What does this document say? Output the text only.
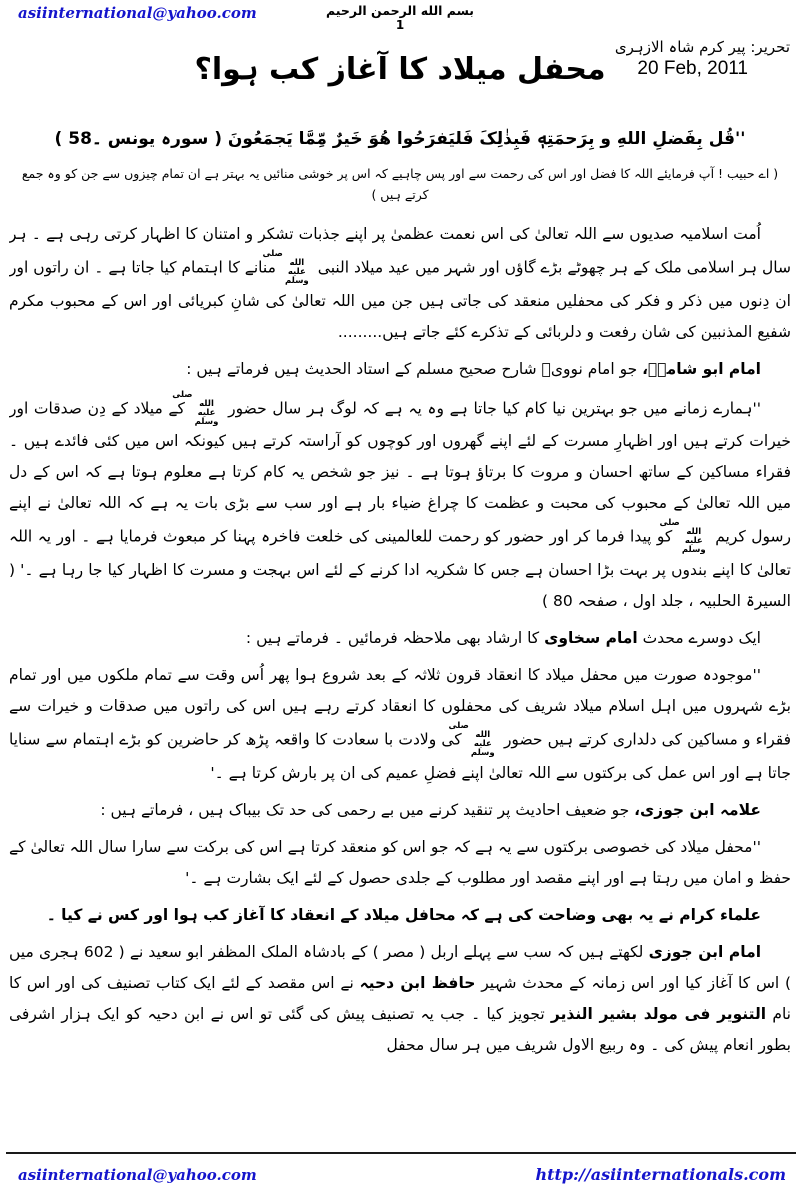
asiinternational@yahoo.com	بسم الله الرحمن الرحيم
1
محفل میلاد کا آغاز کب ہوا؟
تحریر: پیر کرم شاہ الازہری
20 Feb, 2011
''قُل بِفَضلِ اللهِ و بِرَحمَتِهٖ فَبِذٰلِکَ فَلیَفرَحُوا هُوَ خَیرٌ مِّمَّا یَجمَعُونَ ( سورہ یونس ۔58 )
( اے حبیب ! آپ فرمایئے اللہ کا فضل اور اس کی رحمت سے اور پس چاہیے کہ اس پر خوشی منائیں یہ بہتر ہے ان تمام چیزوں سے جن کو وہ جمع کرتے ہیں )

اُمت اسلامیہ صدیوں سے اللہ تعالیٰ کی اس نعمت عظمیٰ پر اپنے جذبات تشکر و امتنان کا اظہار کرتی رہی ہے ۔ ہر سال ہر اسلامی ملک کے ہر چھوٹے بڑے گاؤں اور شہر میں عید میلاد النبی صلى الله عليه وسلم منانے کا اہتمام کیا جاتا ہے ۔ ان راتوں اور ان دِنوں میں ذکر و فکر کی محفلیں منعقد کی جاتی ہیں جن میں اللہ تعالیٰ کی شانِ کبریائی اور اس کے محبوب مکرم شفیع المذنبین کی شان رفعت و دلربائی کے تذکرے کئے جاتے ہیں.........

امام ابو شامہؒ، جو امام نوویؒ شارح صحیح مسلم کے استاد الحدیث ہیں فرماتے ہیں :

''ہمارے زمانے میں جو بہترین نیا کام کیا جاتا ہے وہ یہ ہے کہ لوگ ہر سال حضور صلى الله عليه وسلم کے میلاد کے دِن صدقات اور خیرات کرتے ہیں اور اظہارِ مسرت کے لئے اپنے گھروں اور کوچوں کو آراستہ کرتے ہیں کیونکہ اس میں کئی فائدے ہیں ۔ فقراء مساکین کے ساتھ احسان و مروت کا برتاؤ ہوتا ہے ۔ نیز جو شخص یہ کام کرتا ہے معلوم ہوتا ہے کہ اس کے دل میں اللہ تعالیٰ کے محبوب کی محبت و عظمت کا چراغ ضیاء بار ہے اور سب سے بڑی بات یہ ہے کہ اللہ تعالیٰ نے اپنے رسول کریم صلى الله عليه وسلم کو پیدا فرما کر اور حضور کو رحمت للعالمینی کی خلعت فاخرہ پہنا کر مبعوث فرمایا ہے ۔ اور یہ اللہ تعالیٰ کا اپنے بندوں پر بہت بڑا احسان ہے جس کا شکریہ ادا کرنے کے لئے اس بہجت و مسرت کا اظہار کیا جا رہا ہے ۔' ( السیرۃ الحلبیہ ، جلد اول ، صفحہ 80 )

ایک دوسرے محدث امام سخاوی کا ارشاد بھی ملاحظہ فرمائیں ۔ فرماتے ہیں :

''موجودہ صورت میں محفل میلاد کا انعقاد قرون ثلاثہ کے بعد شروع ہوا پھر اُس وقت سے تمام ملکوں میں اور تمام بڑے شہروں میں اہل اسلام میلاد شریف کی محفلوں کا انعقاد کرتے رہے ہیں اس کی راتوں میں صدقات و خیرات سے فقراء و مساکین کی دلداری کرتے ہیں حضور صلى الله عليه وسلم کی ولادت با سعادت کا واقعہ پڑھ کر حاضرین کو بڑے اہتمام سے سنایا جاتا ہے اور اس عمل کی برکتوں سے اللہ تعالیٰ اپنے فضلِ عمیم کی ان پر بارش کرتا ہے ۔'

علامہ ابن جوزی، جو ضعیف احادیث پر تنقید کرنے میں بے رحمی کی حد تک بیباک ہیں ، فرماتے ہیں :

''محفل میلاد کی خصوصی برکتوں سے یہ ہے کہ جو اس کو منعقد کرتا ہے اس کی برکت سے سارا سال اللہ تعالیٰ کے حفظ و امان میں رہتا ہے اور اپنے مقصد اور مطلوب کے جلدی حصول کے لئے ایک بشارت ہے ۔'

علماء کرام نے یہ بھی وضاحت کی ہے کہ محافل میلاد کے انعقاد کا آغاز کب ہوا اور کس نے کیا ۔

امام ابن جوزی لکھتے ہیں کہ سب سے پہلے اربل ( مصر ) کے بادشاہ الملک المظفر ابو سعید نے ( 602 ہجری میں ) اس کا آغاز کیا اور اس زمانہ کے محدث شہیر حافظ ابن دحیہ نے اس مقصد کے لئے ایک کتاب تصنیف کی اور اس کا نام التنویر فی مولد بشیر النذیر تجویز کیا ۔ جب یہ تصنیف پیش کی گئی تو اس نے ابن دحیہ کو ایک ہزار اشرفی بطور انعام پیش کی ۔ وہ ربیع الاول شریف میں ہر سال محفل

asiinternational@yahoo.com	http://asiinternationals.com
